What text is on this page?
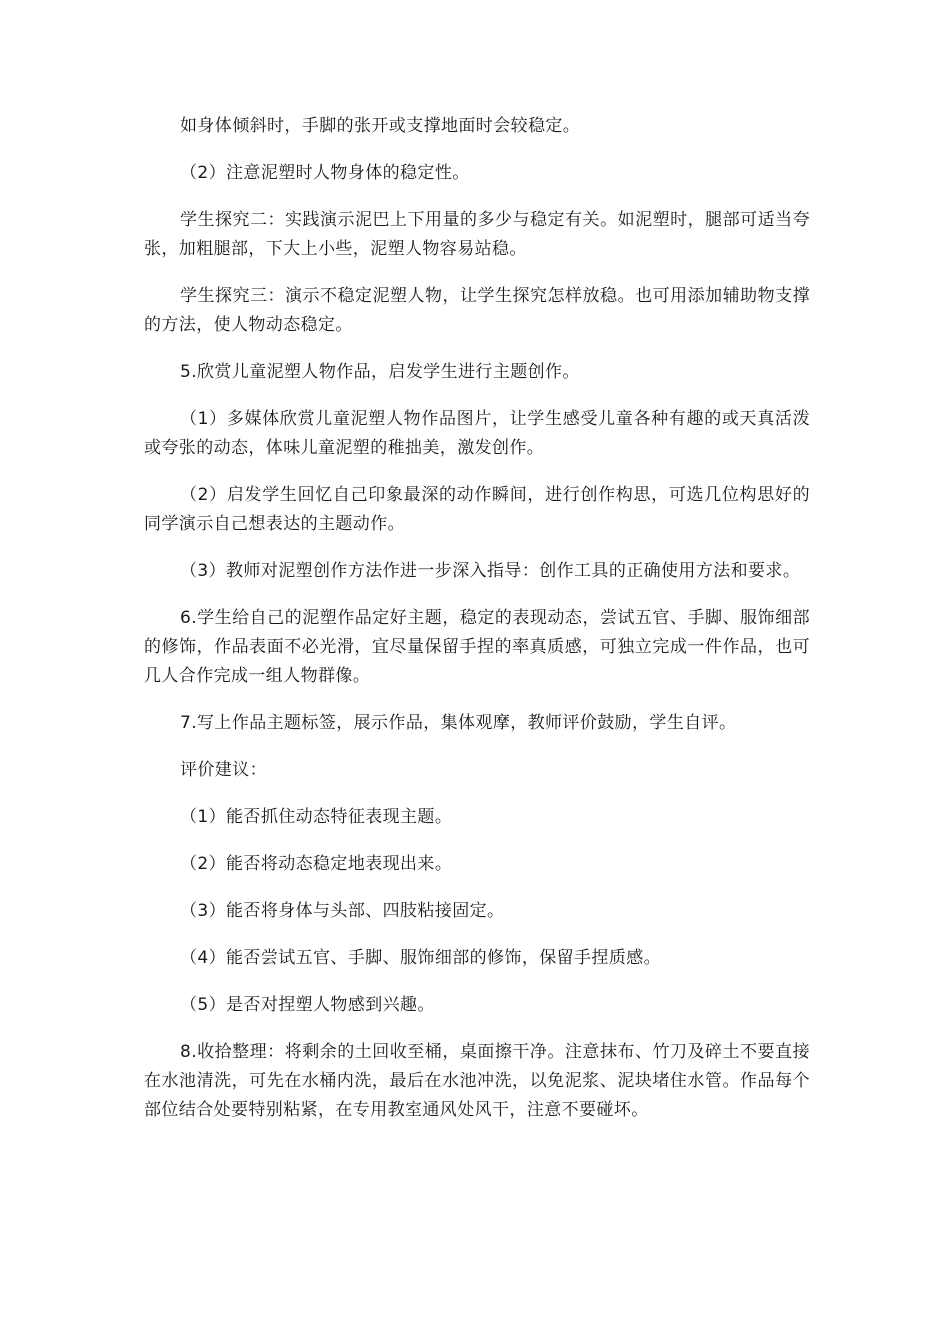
如身体倾斜时，手脚的张开或支撑地面时会较稳定。

（2）注意泥塑时人物身体的稳定性。

学生探究二：实践演示泥巴上下用量的多少与稳定有关。如泥塑时，腿部可适当夸张，加粗腿部，下大上小些，泥塑人物容易站稳。

学生探究三：演示不稳定泥塑人物，让学生探究怎样放稳。也可用添加辅助物支撑的方法，使人物动态稳定。

5.欣赏儿童泥塑人物作品，启发学生进行主题创作。

（1）多媒体欣赏儿童泥塑人物作品图片，让学生感受儿童各种有趣的或天真活泼或夸张的动态，体味儿童泥塑的稚拙美，激发创作。

（2）启发学生回忆自己印象最深的动作瞬间，进行创作构思，可选几位构思好的同学演示自己想表达的主题动作。

（3）教师对泥塑创作方法作进一步深入指导：创作工具的正确使用方法和要求。

6.学生给自己的泥塑作品定好主题，稳定的表现动态，尝试五官、手脚、服饰细部的修饰，作品表面不必光滑，宜尽量保留手捏的率真质感，可独立完成一件作品，也可几人合作完成一组人物群像。

7.写上作品主题标签，展示作品，集体观摩，教师评价鼓励，学生自评。

评价建议：

（1）能否抓住动态特征表现主题。

（2）能否将动态稳定地表现出来。

（3）能否将身体与头部、四肢粘接固定。

（4）能否尝试五官、手脚、服饰细部的修饰，保留手捏质感。

（5）是否对捏塑人物感到兴趣。

8.收拾整理：将剩余的土回收至桶，桌面擦干净。注意抹布、竹刀及碎土不要直接在水池清洗，可先在水桶内洗，最后在水池冲洗，以免泥浆、泥块堵住水管。作品每个部位结合处要特别粘紧，在专用教室通风处风干，注意不要碰坏。
